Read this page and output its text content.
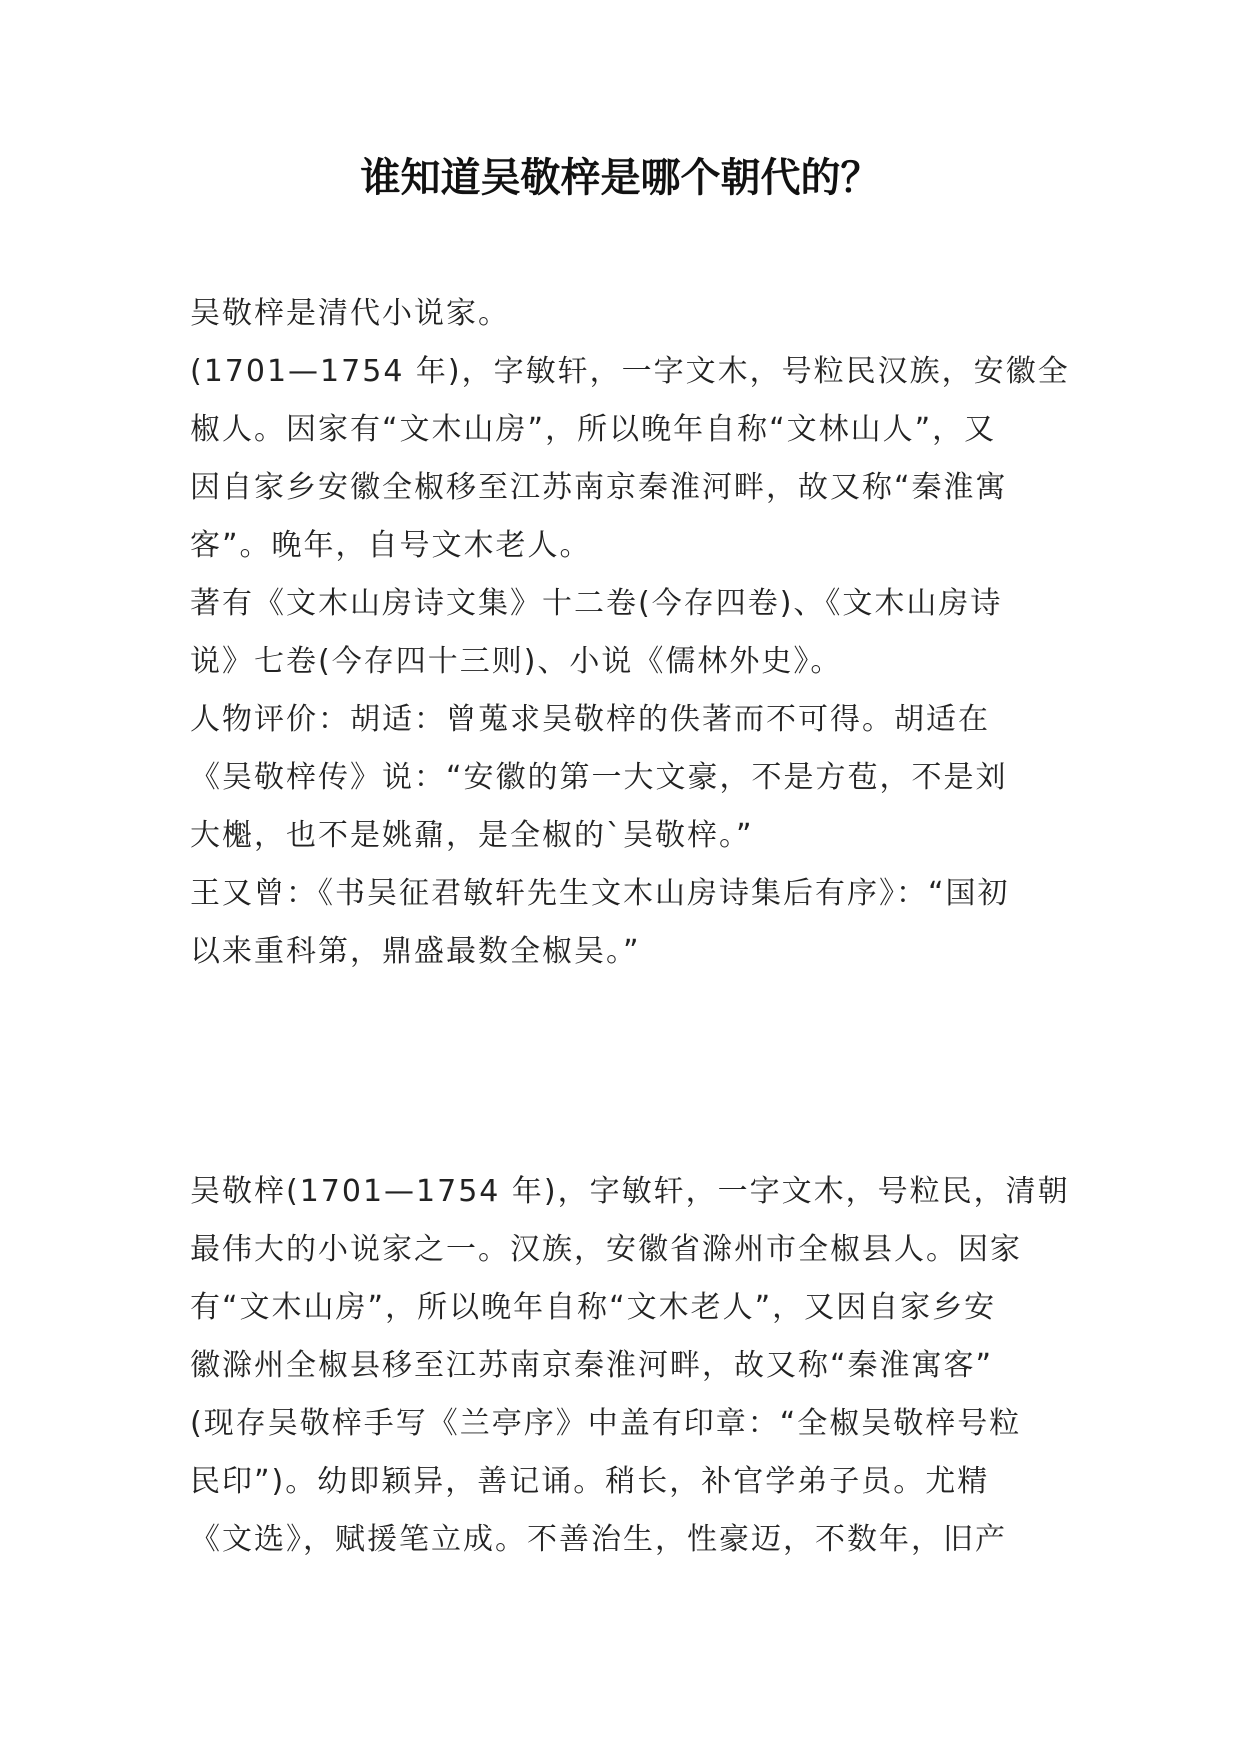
谁知道吴敬梓是哪个朝代的？

吴敬梓是清代小说家。

(1701—1754 年)，字敏轩，一字文木，号粒民汉族，安徽全
椒人。因家有“文木山房”，所以晚年自称“文林山人”，又
因自家乡安徽全椒移至江苏南京秦淮河畔，故又称“秦淮寓
客”。晚年，自号文木老人。

著有《文木山房诗文集》十二卷(今存四卷)、《文木山房诗
说》七卷(今存四十三则)、小说《儒林外史》。

人物评价：胡适：曾蒐求吴敬梓的佚著而不可得。胡适在
《吴敬梓传》说：“安徽的第一大文豪，不是方苞，不是刘
大櫆，也不是姚鼐，是全椒的`吴敬梓。”

王又曾：《书吴征君敏轩先生文木山房诗集后有序》：“国初
以来重科第，鼎盛最数全椒吴。”

吴敬梓(1701—1754 年)，字敏轩，一字文木，号粒民，清朝
最伟大的小说家之一。汉族，安徽省滁州市全椒县人。因家
有“文木山房”，所以晚年自称“文木老人”，又因自家乡安
徽滁州全椒县移至江苏南京秦淮河畔，故又称“秦淮寓客”
(现存吴敬梓手写《兰亭序》中盖有印章：“全椒吴敬梓号粒
民印”)。幼即颖异，善记诵。稍长，补官学弟子员。尤精
《文选》，赋援笔立成。不善治生，性豪迈，不数年，旧产
